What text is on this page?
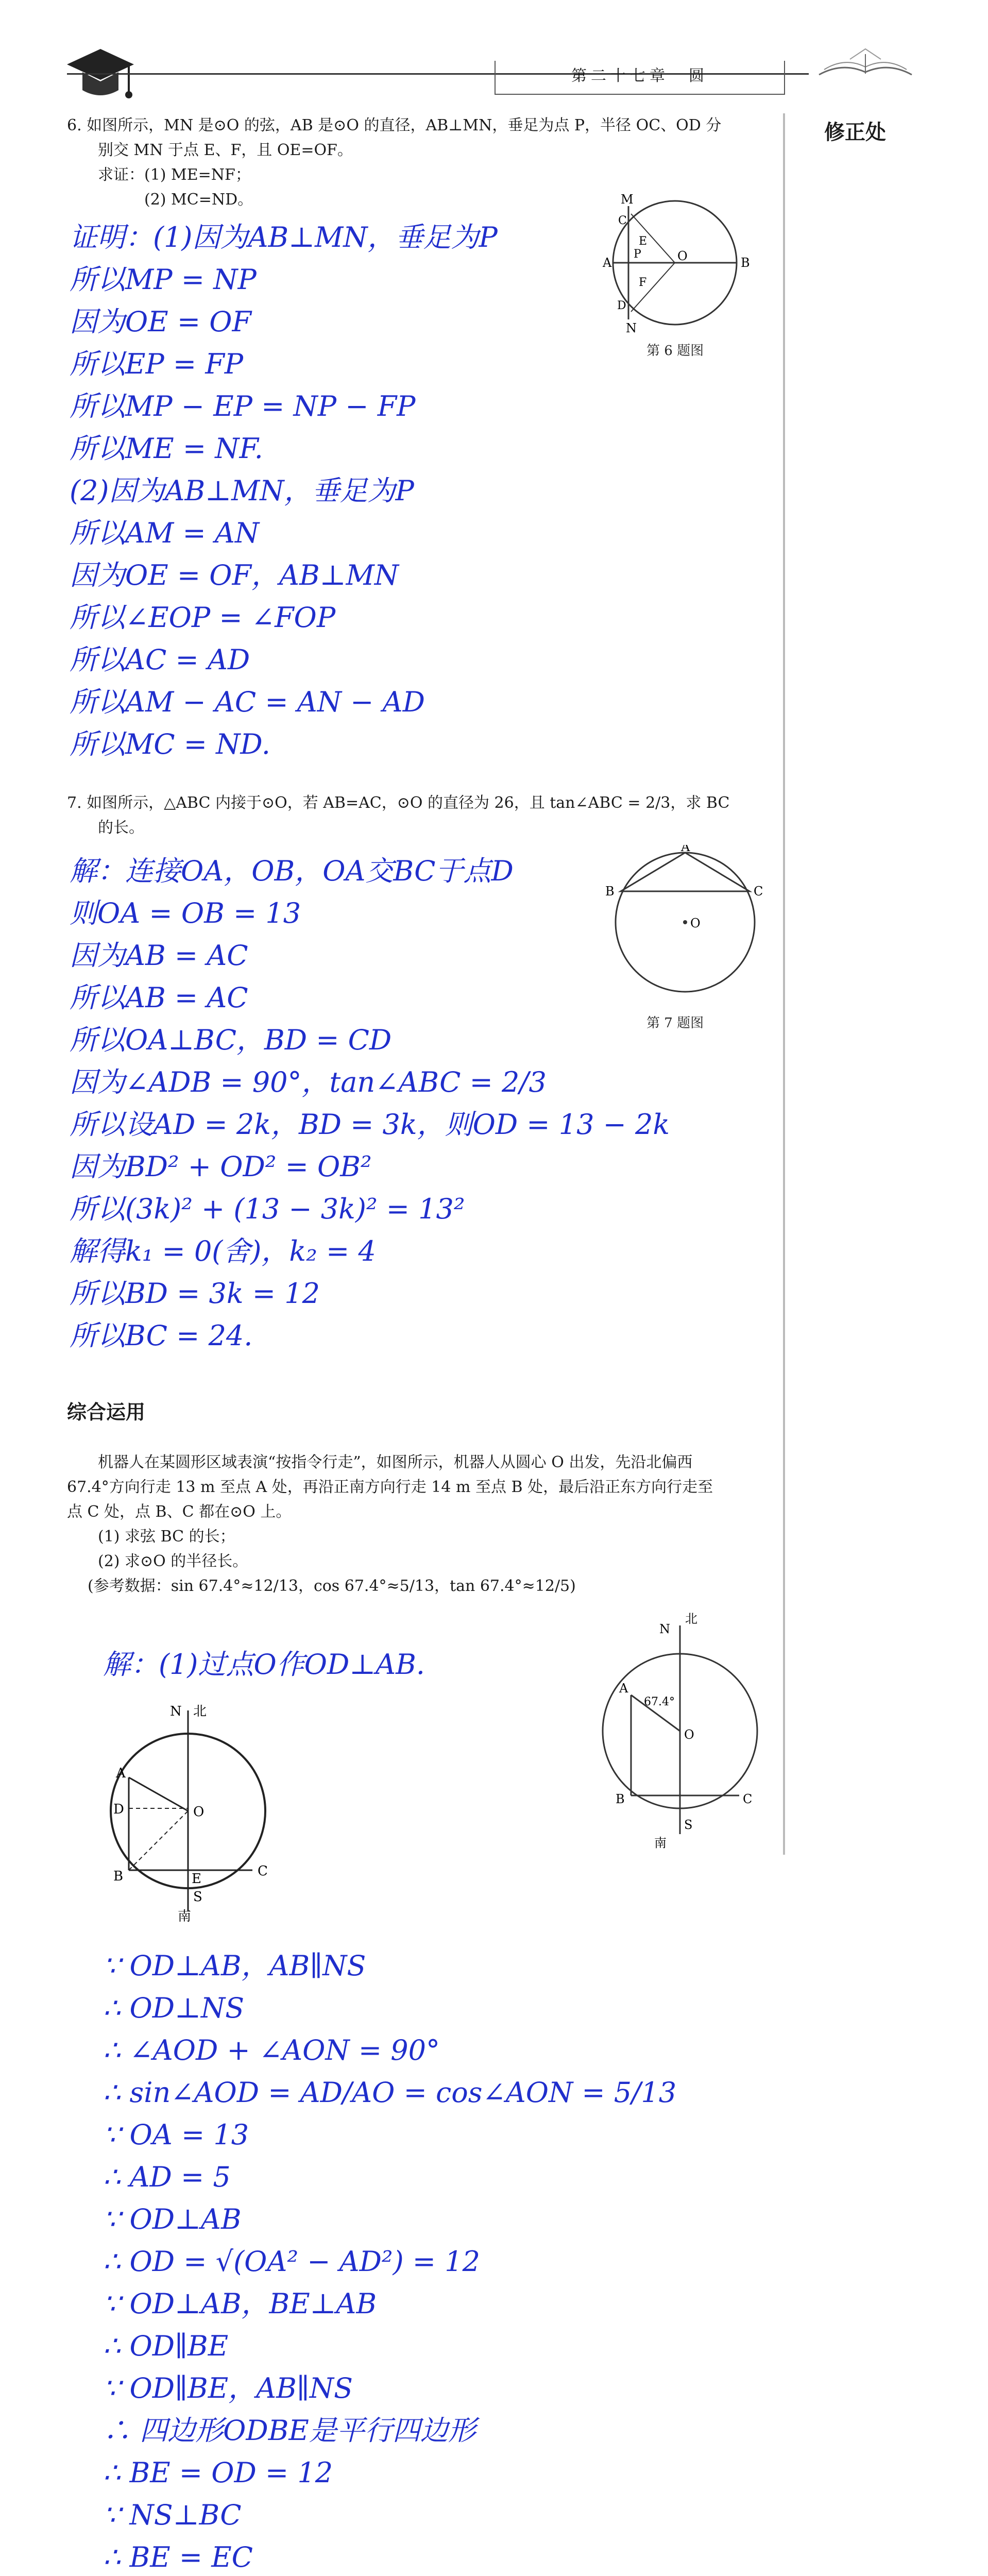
第二十七章　圆
修正处
6. 如图所示，MN 是⊙O 的弦，AB 是⊙O 的直径，AB⊥MN，垂足为点 P，半径 OC、OD 分
别交 MN 于点 E、F，且 OE=OF。
求证：(1) ME=NF；
(2) MC=ND。	M
N
A	B
P
E
F
O
C
D
第 6 题图
证明：(1)因为AB⊥MN，垂足为P
所以MP = NP
因为OE = OF
所以EP = FP
所以MP − EP = NP − FP
所以ME = NF.
(2)因为AB⊥MN，垂足为P
所以AM = AN
因为OE = OF，AB⊥MN
所以∠EOP = ∠FOP
所以AC = AD
所以AM − AC = AN − AD
所以MC = ND.
7. 如图所示，△ABC 内接于⊙O，若 AB=AC，⊙O 的直径为 26，且 tan∠ABC = 2/3，求 BC
的长。
A
B	C
O
第 7 题图
解：连接OA，OB，OA交BC于点D
则OA = OB = 13
因为AB = AC
所以AB = AC
所以OA⊥BC，BD = CD
因为∠ADB = 90°，tan∠ABC = 2/3
所以设AD = 2k，BD = 3k，则OD = 13 − 2k
因为BD² + OD² = OB²
所以(3k)² + (13 − 3k)² = 13²
解得k₁ = 0(舍)，k₂ = 4
所以BD = 3k = 12
所以BC = 24.
综合运用
机器人在某圆形区域表演“按指令行走”，如图所示，机器人从圆心 O 出发，先沿北偏西
67.4°方向行走 13 m 至点 A 处，再沿正南方向行走 14 m 至点 B 处，最后沿正东方向行走至
点 C 处，点 B、C 都在⊙O 上。
(1) 求弦 BC 的长；
(2) 求⊙O 的半径长。
(参考数据：sin 67.4°≈12/13，cos 67.4°≈5/13，tan 67.4°≈12/5)
解：(1)过点O作OD⊥AB.
N 北
A
D	O
B	E	C
S
南
N
北
A
67.4°
O
B	C
S
南
∵ OD⊥AB，AB∥NS
∴ OD⊥NS
∴ ∠AOD + ∠AON = 90°
∴ sin∠AOD = AD/AO = cos∠AON = 5/13
∵ OA = 13
∴ AD = 5
∵ OD⊥AB
∴ OD = √(OA² − AD²) = 12
∵ OD⊥AB，BE⊥AB
∴ OD∥BE
∵ OD∥BE，AB∥NS
∴ 四边形ODBE是平行四边形
∴ BE = OD = 12
∵ NS⊥BC
∴ BE = EC
